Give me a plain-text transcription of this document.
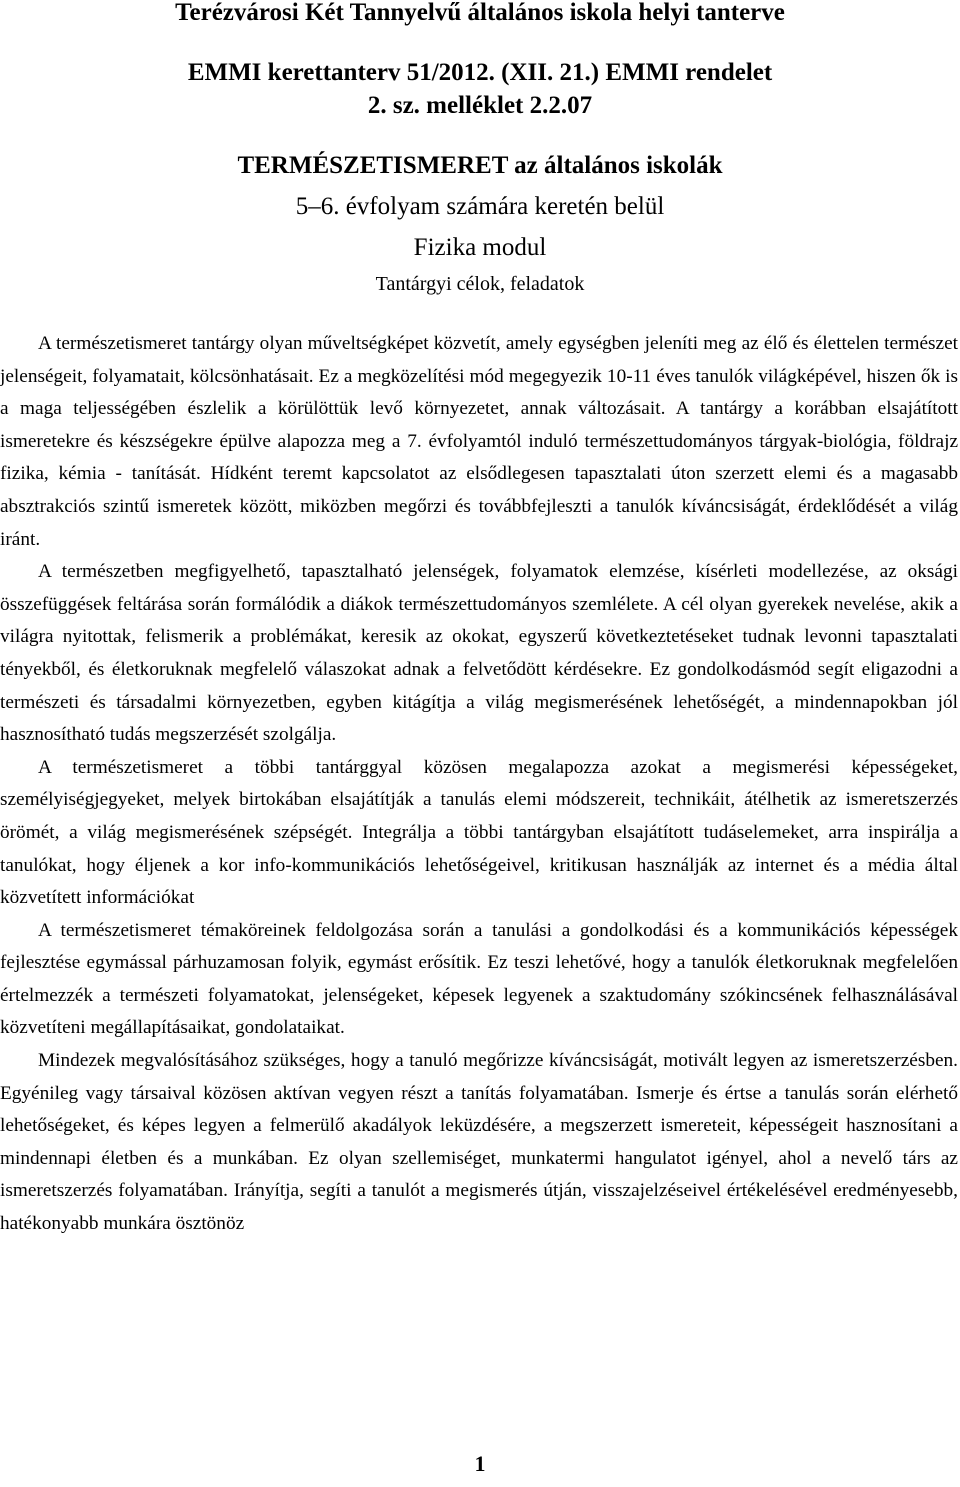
Terézvárosi Két Tannyelvű általános iskola helyi tanterve
EMMI kerettanterv 51/2012. (XII. 21.) EMMI rendelet
2. sz. melléklet 2.2.07
TERMÉSZETISMERET az általános iskolák
5–6. évfolyam számára keretén belül
Fizika modul
Tantárgyi célok, feladatok

A természetismeret tantárgy olyan műveltségképet közvetít, amely egységben jeleníti meg az élő és élettelen természet jelenségeit, folyamatait, kölcsönhatásait. Ez a megközelítési mód megegyezik 10-11 éves tanulók világképével, hiszen ők is a maga teljességében észlelik a körülöttük levő környezetet, annak változásait. A tantárgy a korábban elsajátított ismeretekre és készségekre épülve alapozza meg a 7. évfolyamtól induló természettudományos tárgyak-biológia, földrajz fizika, kémia - tanítását. Hídként teremt kapcsolatot az elsődlegesen tapasztalati úton szerzett elemi és a magasabb absztrakciós szintű ismeretek között, miközben megőrzi és továbbfejleszti a tanulók kíváncsiságát, érdeklődését a világ iránt.

A természetben megfigyelhető, tapasztalható jelenségek, folyamatok elemzése, kísérleti modellezése, az oksági összefüggések feltárása során formálódik a diákok természettudományos szemlélete. A cél olyan gyerekek nevelése, akik a világra nyitottak, felismerik a problémákat, keresik az okokat, egyszerű következtetéseket tudnak levonni tapasztalati tényekből, és életkoruknak megfelelő válaszokat adnak a felvetődött kérdésekre. Ez gondolkodásmód segít eligazodni a természeti és társadalmi környezetben, egyben kitágítja a világ megismerésének lehetőségét, a mindennapokban jól hasznosítható tudás megszerzését szolgálja.

A természetismeret a többi tantárggyal közösen megalapozza azokat a megismerési képességeket, személyiségjegyeket, melyek birtokában elsajátítják a tanulás elemi módszereit, technikáit, átélhetik az ismeretszerzés örömét, a világ megismerésének szépségét. Integrálja a többi tantárgyban elsajátított tudáselemeket, arra inspirálja a tanulókat, hogy éljenek a kor info-kommunikációs lehetőségeivel, kritikusan használják az internet és a média által közvetített információkat

A természetismeret témaköreinek feldolgozása során a tanulási a gondolkodási és a kommunikációs képességek fejlesztése egymással párhuzamosan folyik, egymást erősítik. Ez teszi lehetővé, hogy a tanulók életkoruknak megfelelően értelmezzék a természeti folyamatokat, jelenségeket, képesek legyenek a szaktudomány szókincsének felhasználásával közvetíteni megállapításaikat, gondolataikat.

Mindezek megvalósításához szükséges, hogy a tanuló megőrizze kíváncsiságát, motivált legyen az ismeretszerzésben. Egyénileg vagy társaival közösen aktívan vegyen részt a tanítás folyamatában. Ismerje és értse a tanulás során elérhető lehetőségeket, és képes legyen a felmerülő akadályok leküzdésére, a megszerzett ismereteit, képességeit hasznosítani a mindennapi életben és a munkában. Ez olyan szellemiséget, munkatermi hangulatot igényel, ahol a nevelő társ az ismeretszerzés folyamatában. Irányítja, segíti a tanulót a megismerés útján, visszajelzéseivel értékelésével eredményesebb, hatékonyabb munkára ösztönöz

1
